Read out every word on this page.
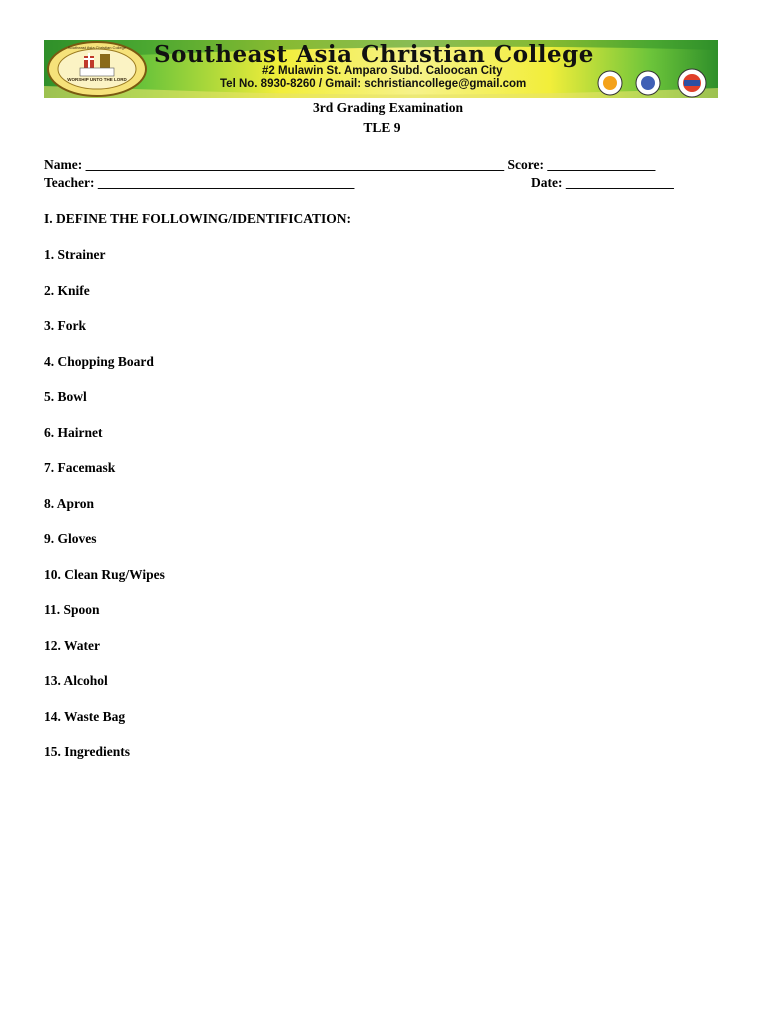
Southeast Asia Christian College
WORSHIP UNTO THE LORD
Southeast Asia Christian College
#2 Mulawin St. Amparo Subd. Caloocan City
Tel No. 8930-8260 / Gmail: schristiancollege@gmail.com
3rd Grading Examination
TLE 9
Name: ______________________________________________________________ Score: ________________
Teacher: ______________________________________	Date: ________________
I. DEFINE THE FOLLOWING/IDENTIFICATION:
1. Strainer
2. Knife
3. Fork
4. Chopping Board
5. Bowl
6. Hairnet
7. Facemask
8. Apron
9. Gloves
10. Clean Rug/Wipes
11. Spoon
12. Water
13. Alcohol
14. Waste Bag
15. Ingredients
